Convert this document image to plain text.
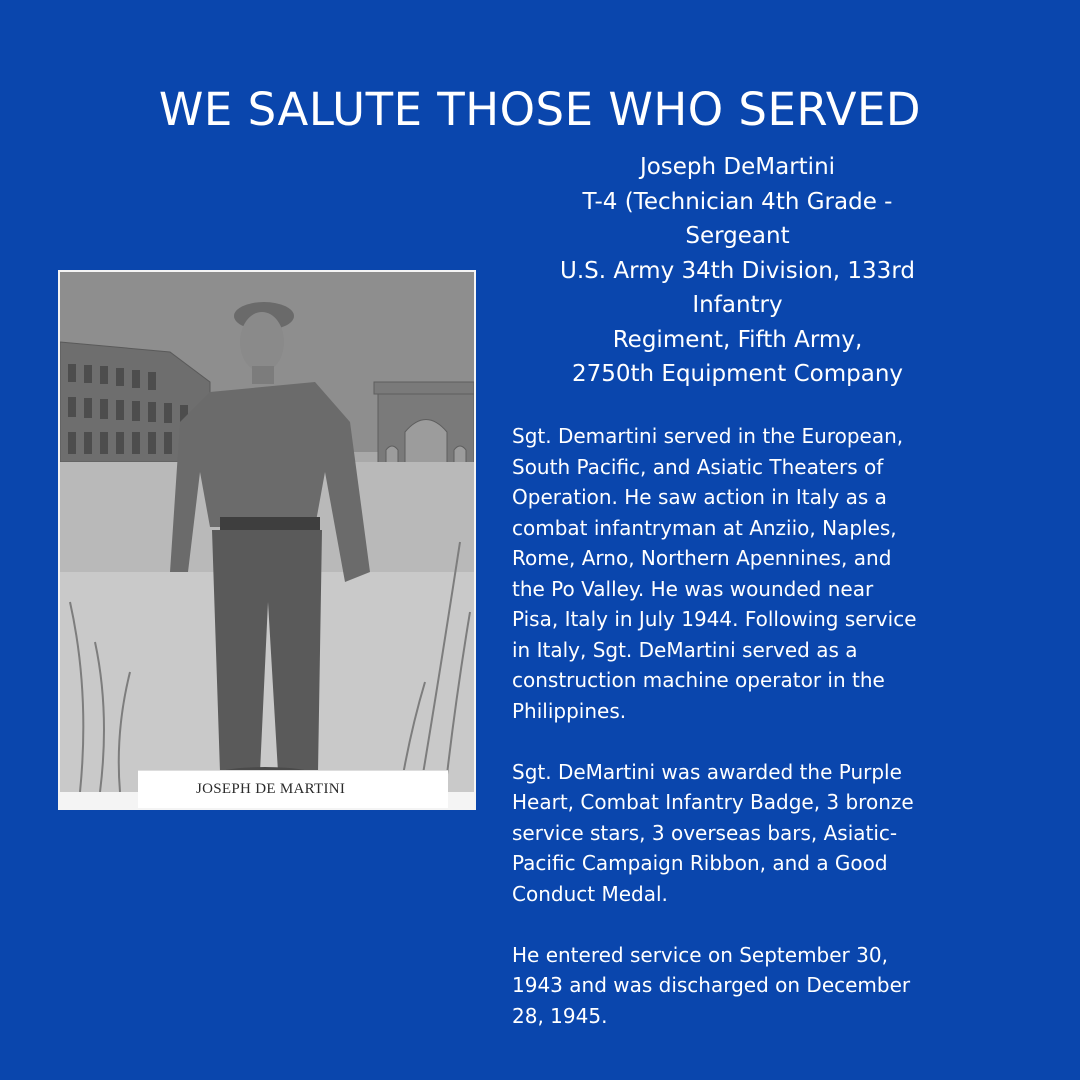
WE SALUTE THOSE WHO SERVED
JOSEPH DE MARTINI
Joseph DeMartini
T-4 (Technician 4th Grade -
Sergeant
U.S. Army 34th Division, 133rd
Infantry
Regiment, Fifth Army,
2750th Equipment Company

Sgt. Demartini served in the European,
South Pacific, and Asiatic Theaters of
Operation. He saw action in Italy as a
combat infantryman at Anziio, Naples,
Rome, Arno, Northern Apennines, and
the Po Valley. He was wounded near
Pisa, Italy in July 1944. Following service
in Italy, Sgt. DeMartini served as a
construction machine operator in the
Philippines.

Sgt. DeMartini was awarded the Purple
Heart, Combat Infantry Badge, 3 bronze
service stars, 3 overseas bars, Asiatic-
Pacific Campaign Ribbon, and a Good
Conduct Medal.

He entered service on September 30,
1943 and was discharged on December
28, 1945.
